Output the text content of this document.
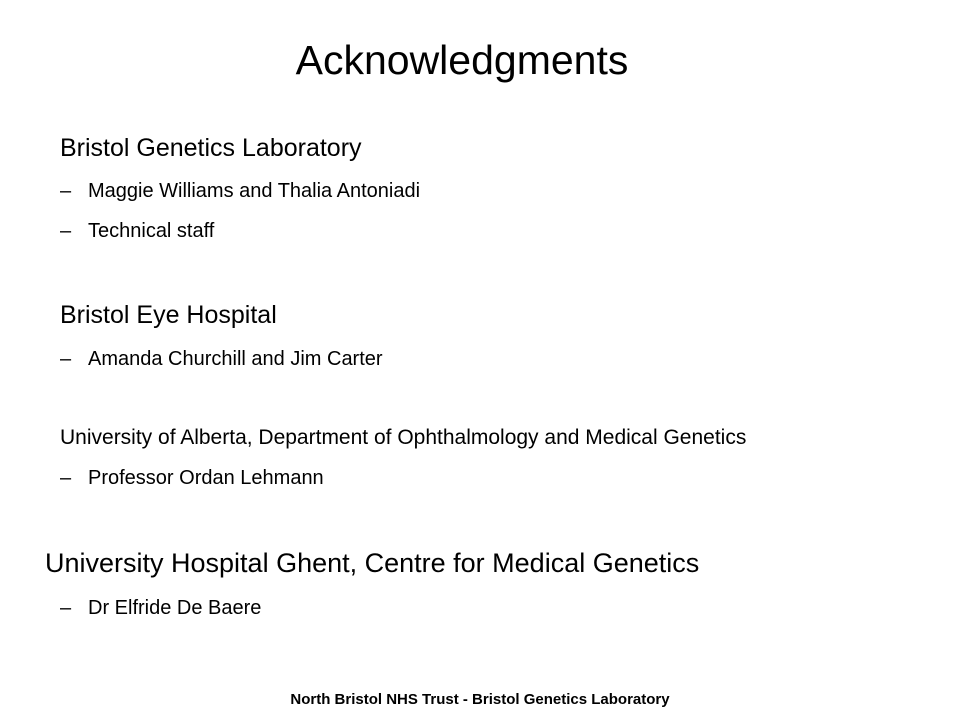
Acknowledgments

Bristol Genetics Laboratory

– Maggie Williams and Thalia Antoniadi

– Technical staff

Bristol Eye Hospital

– Amanda Churchill and Jim Carter

University of Alberta, Department of Ophthalmology and Medical Genetics

– Professor Ordan Lehmann

University Hospital Ghent, Centre for Medical Genetics

– Dr Elfride De Baere

North Bristol NHS Trust - Bristol Genetics Laboratory
